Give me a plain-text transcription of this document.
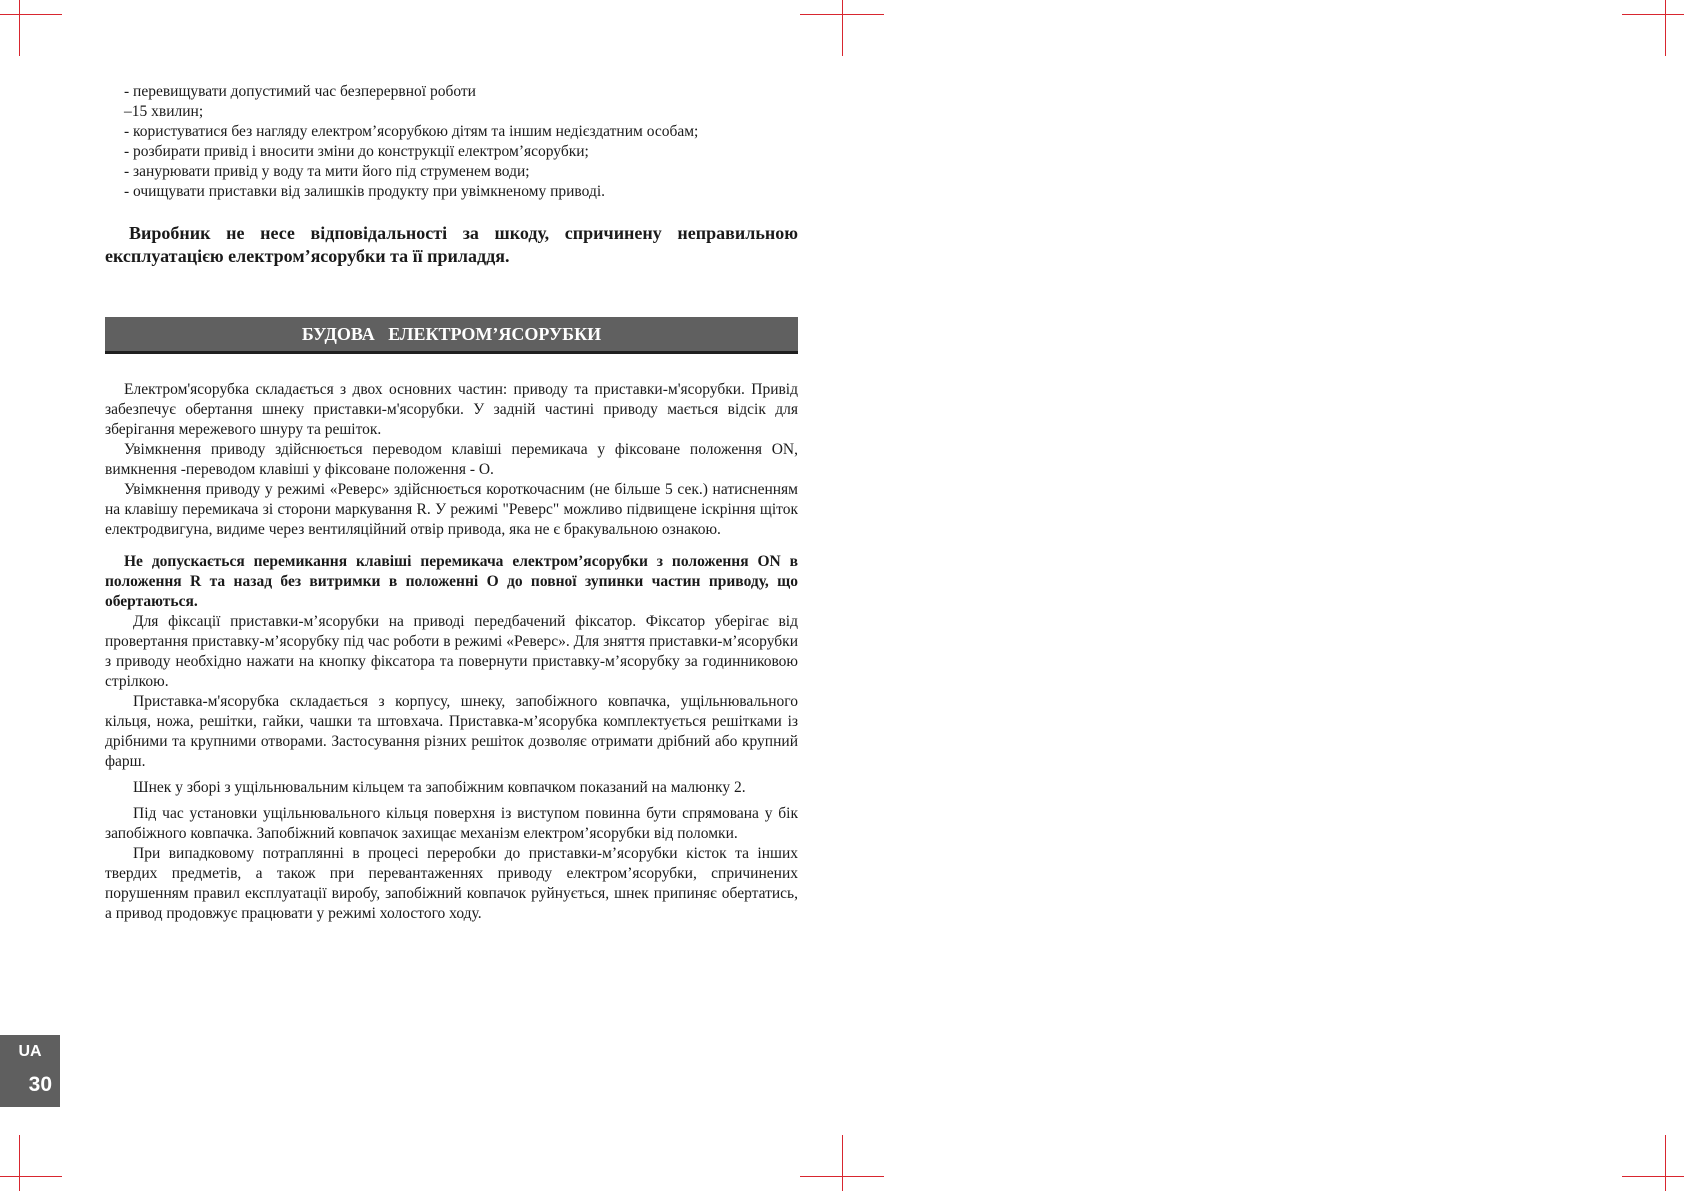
- перевищувати допустимий час безперервної роботи
–15 хвилин;
- користуватися без нагляду електром’ясорубкою дітям та іншим недієздатним особам;
- розбирати привід і вносити зміни до конструкції електром’ясорубки;
- занурювати привід у воду та мити його під струменем води;
- очищувати приставки від залишків продукту при увімкненому приводі.

Виробник не несе відповідальності за шкоду, спричинену неправильною експлуатацією електром’ясорубки та її приладдя.

БУДОВА   ЕЛЕКТРОМ’ЯСОРУБКИ

Електром'ясорубка складається з двох основних частин: приводу та приставки-м'ясорубки. Привід забезпечує обертання шнеку приставки-м'ясорубки. У задній частині приводу мається відсік для зберігання мережевого шнуру та решіток.

Увімкнення приводу здійснюється переводом клавіші перемикача у фіксоване положення ON, вимкнення -переводом клавіші у фіксоване положення - O.

Увімкнення приводу у режимі «Реверс» здійснюється короткочасним (не більше 5 сек.) натисненням на клавішу перемикача зі сторони маркування R. У режимі "Реверс" можливо підвищене іскріння щіток електродвигуна, видиме через вентиляційний отвір привода, яка не є бракувальною ознакою.

Не допускається перемикання клавіші перемикача електром’ясорубки з положення ON в положення R та назад без витримки в положенні O до повної зупинки частин приводу, що обертаються.

Для фіксації приставки-м’ясорубки на приводі передбачений фіксатор. Фіксатор уберігає від провертання приставку-м’ясорубку під час роботи в режимі «Реверс». Для зняття приставки-м’ясорубки з приводу необхідно нажати на кнопку фіксатора та повернути приставку-м’ясорубку за годинниковою стрілкою.

Приставка-м'ясорубка складається з корпусу, шнеку, запобіжного ковпачка, ущільнювального кільця, ножа, решітки, гайки, чашки та штовхача. Приставка-м’ясорубка комплектується решітками із дрібними та крупними отворами. Застосування різних решіток дозволяє отримати дрібний або крупний фарш.

Шнек у зборі з ущільнювальним кільцем та запобіжним ковпачком показаний на малюнку 2.

Під час установки ущільнювального кільця поверхня із виступом повинна бути спрямована у бік запобіжного ковпачка. Запобіжний ковпачок захищає механізм електром’ясорубки від поломки.

При випадковому потраплянні в процесі переробки до приставки-м’ясорубки кісток та інших твердих предметів, а також при перевантаженнях приводу електром’ясорубки, спричинених порушенням правил експлуатації виробу, запобіжний ковпачок руйнується, шнек припиняє обертатись, а привод продовжує працювати у режимі холостого ходу.

UA
30
